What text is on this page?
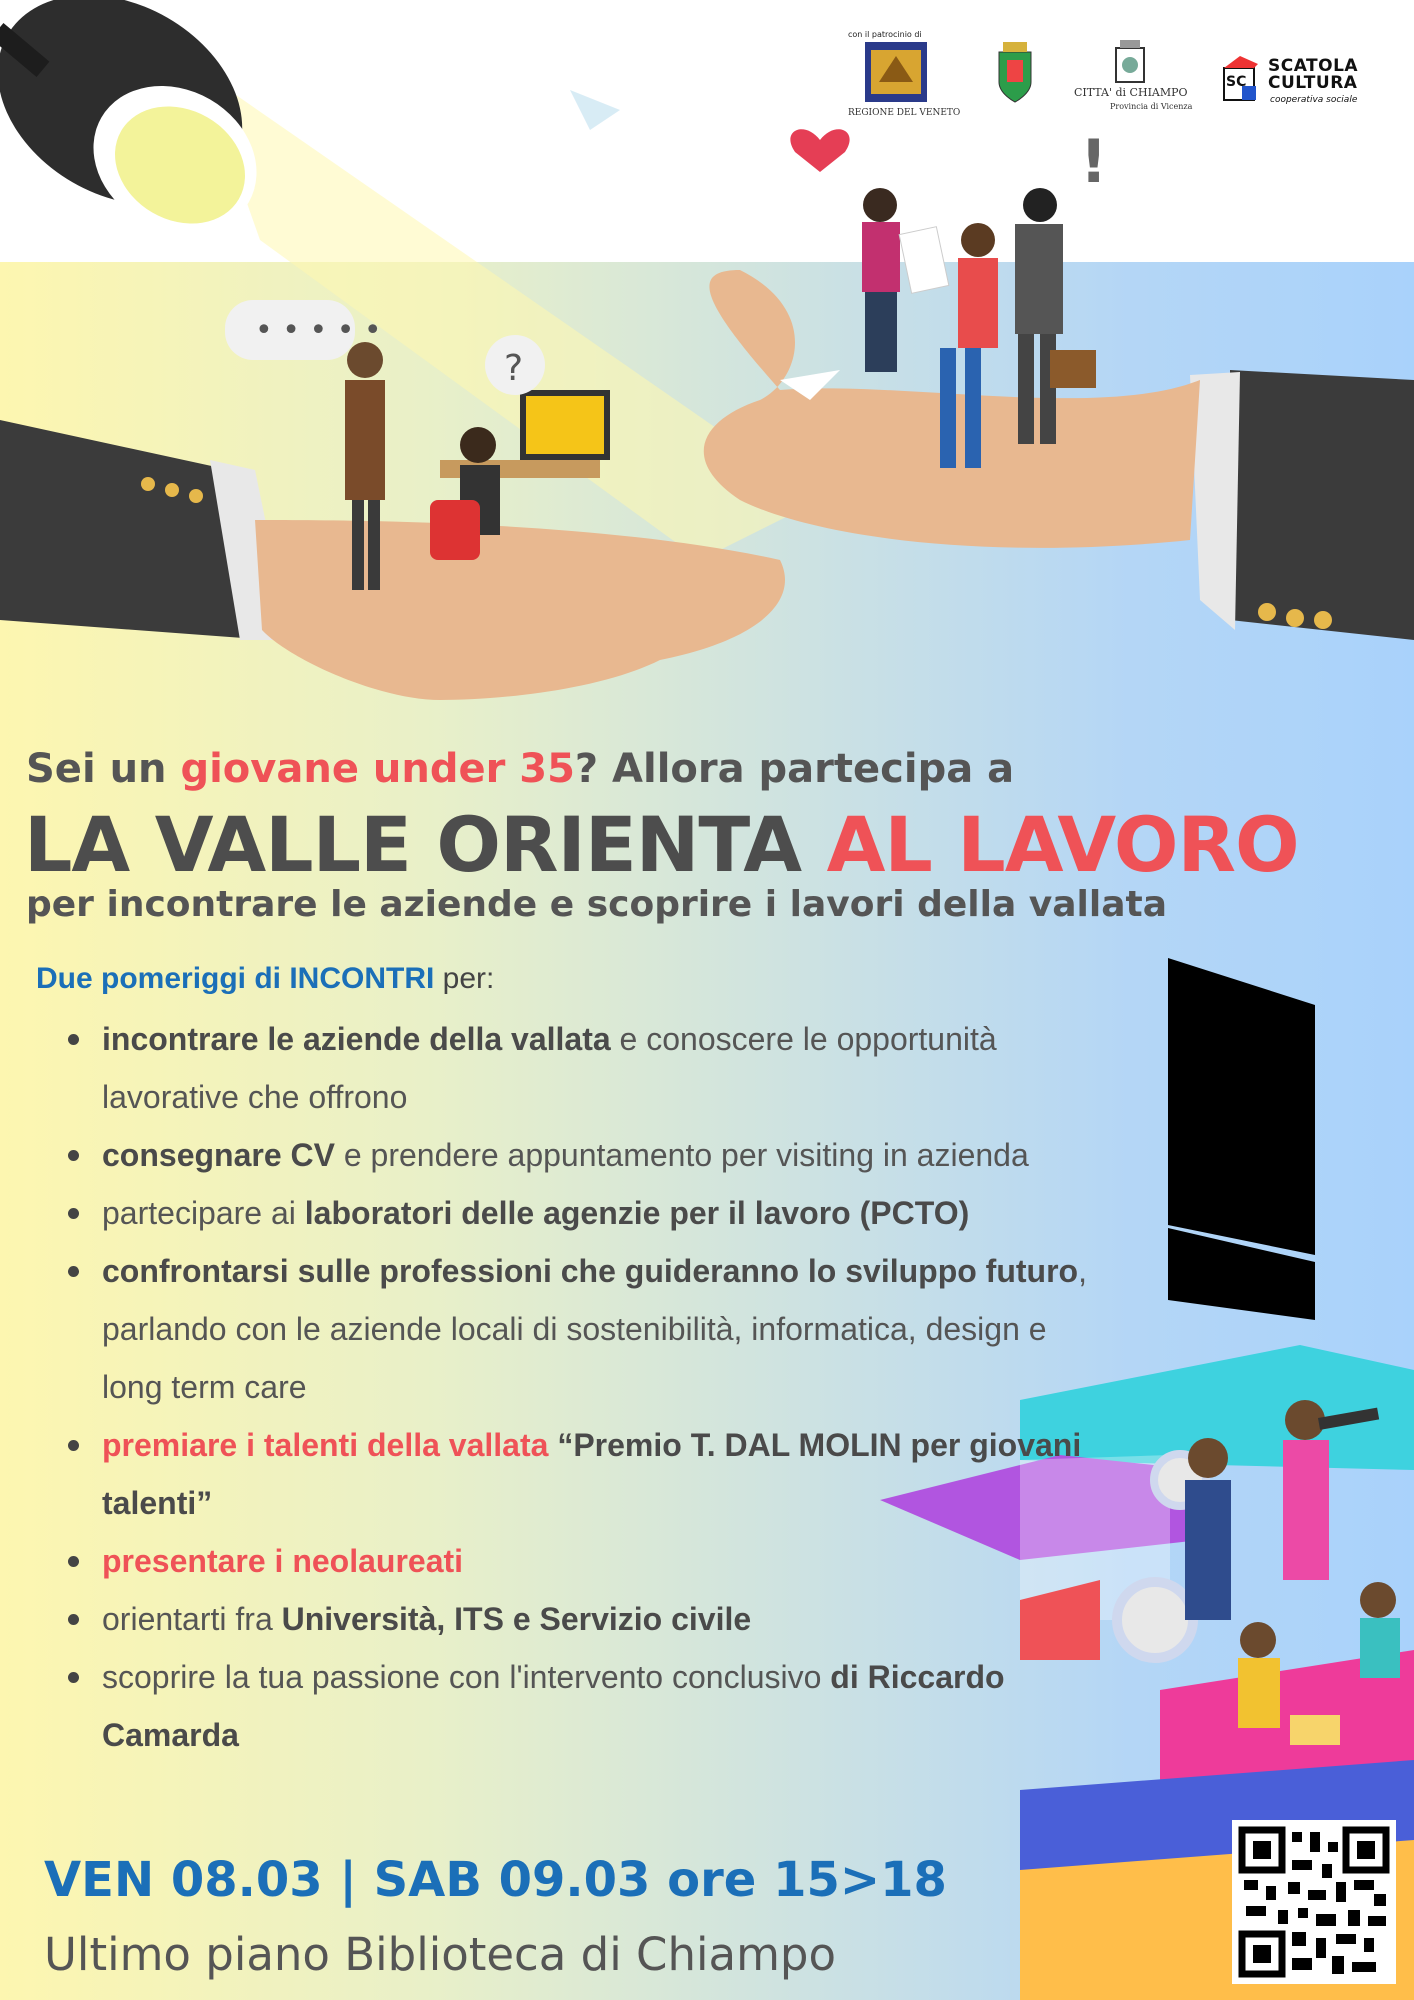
• • • • •
?
!
con il patrocinio di
REGIONE DEL VENETO
CITTA' di CHIAMPO
Provincia di Vicenza
SC
SCATOLA
CULTURA
cooperativa sociale
Sei un giovane under 35? Allora partecipa a
LA VALLE ORIENTA AL LAVORO
per incontrare le aziende e scoprire i lavori della vallata
Due pomeriggi di INCONTRI per:
incontrare le aziende della vallata e conoscere le opportunità lavorative che offrono
consegnare CV e prendere appuntamento per visiting in azienda
partecipare ai laboratori delle agenzie per il lavoro (PCTO)
confrontarsi sulle professioni che guideranno lo sviluppo futuro, parlando con le aziende locali di sostenibilità, informatica, design e long term care
premiare i talenti della vallata “Premio T. DAL MOLIN per giovani talenti”
presentare i neolaureati
orientarti fra Università, ITS e Servizio civile
scoprire la tua passione con l'intervento conclusivo di Riccardo Camarda
VEN 08.03 | SAB 09.03 ore 15>18
Ultimo piano Biblioteca di Chiampo
